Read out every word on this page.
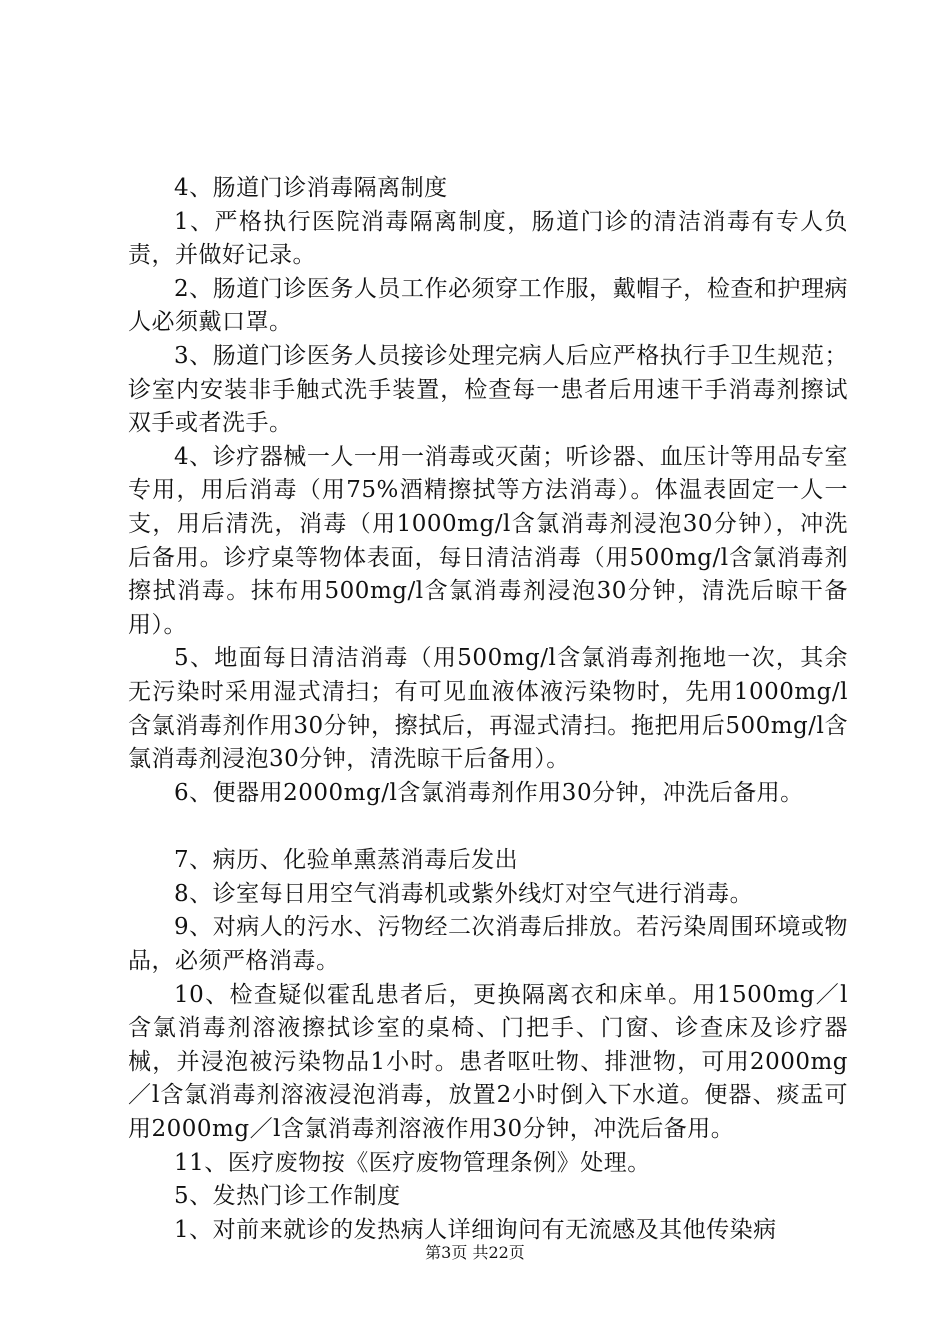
4、肠道门诊消毒隔离制度

1、严格执行医院消毒隔离制度，肠道门诊的清洁消毒有专人负责，并做好记录。

2、肠道门诊医务人员工作必须穿工作服，戴帽子，检查和护理病人必须戴口罩。

3、肠道门诊医务人员接诊处理完病人后应严格执行手卫生规范；诊室内安装非手触式洗手装置，检查每一患者后用速干手消毒剂擦试双手或者洗手。

4、诊疗器械一人一用一消毒或灭菌；听诊器、血压计等用品专室专用，用后消毒（用75%酒精擦拭等方法消毒）。体温表固定一人一支，用后清洗，消毒（用1000mg/l含氯消毒剂浸泡30分钟），冲洗后备用。诊疗桌等物体表面，每日清洁消毒（用500mg/l含氯消毒剂擦拭消毒。抹布用500mg/l含氯消毒剂浸泡30分钟，清洗后晾干备用）。

5、地面每日清洁消毒（用500mg/l含氯消毒剂拖地一次，其余无污染时采用湿式清扫；有可见血液体液污染物时，先用1000mg/l含氯消毒剂作用30分钟，擦拭后，再湿式清扫。拖把用后500mg/l含氯消毒剂浸泡30分钟，清洗晾干后备用）。

6、便器用2000mg/l含氯消毒剂作用30分钟，冲洗后备用。

7、病历、化验单熏蒸消毒后发出

8、诊室每日用空气消毒机或紫外线灯对空气进行消毒。

9、对病人的污水、污物经二次消毒后排放。若污染周围环境或物品，必须严格消毒。

10、检查疑似霍乱患者后，更换隔离衣和床单。用1500mg／l含氯消毒剂溶液擦拭诊室的桌椅、门把手、门窗、诊查床及诊疗器械，并浸泡被污染物品1小时。患者呕吐物、排泄物，可用2000mg／l含氯消毒剂溶液浸泡消毒，放置2小时倒入下水道。便器、痰盂可用2000mg／l含氯消毒剂溶液作用30分钟，冲洗后备用。

11、医疗废物按《医疗废物管理条例》处理。

5、发热门诊工作制度

1、对前来就诊的发热病人详细询问有无流感及其他传染病

第3页 共22页
